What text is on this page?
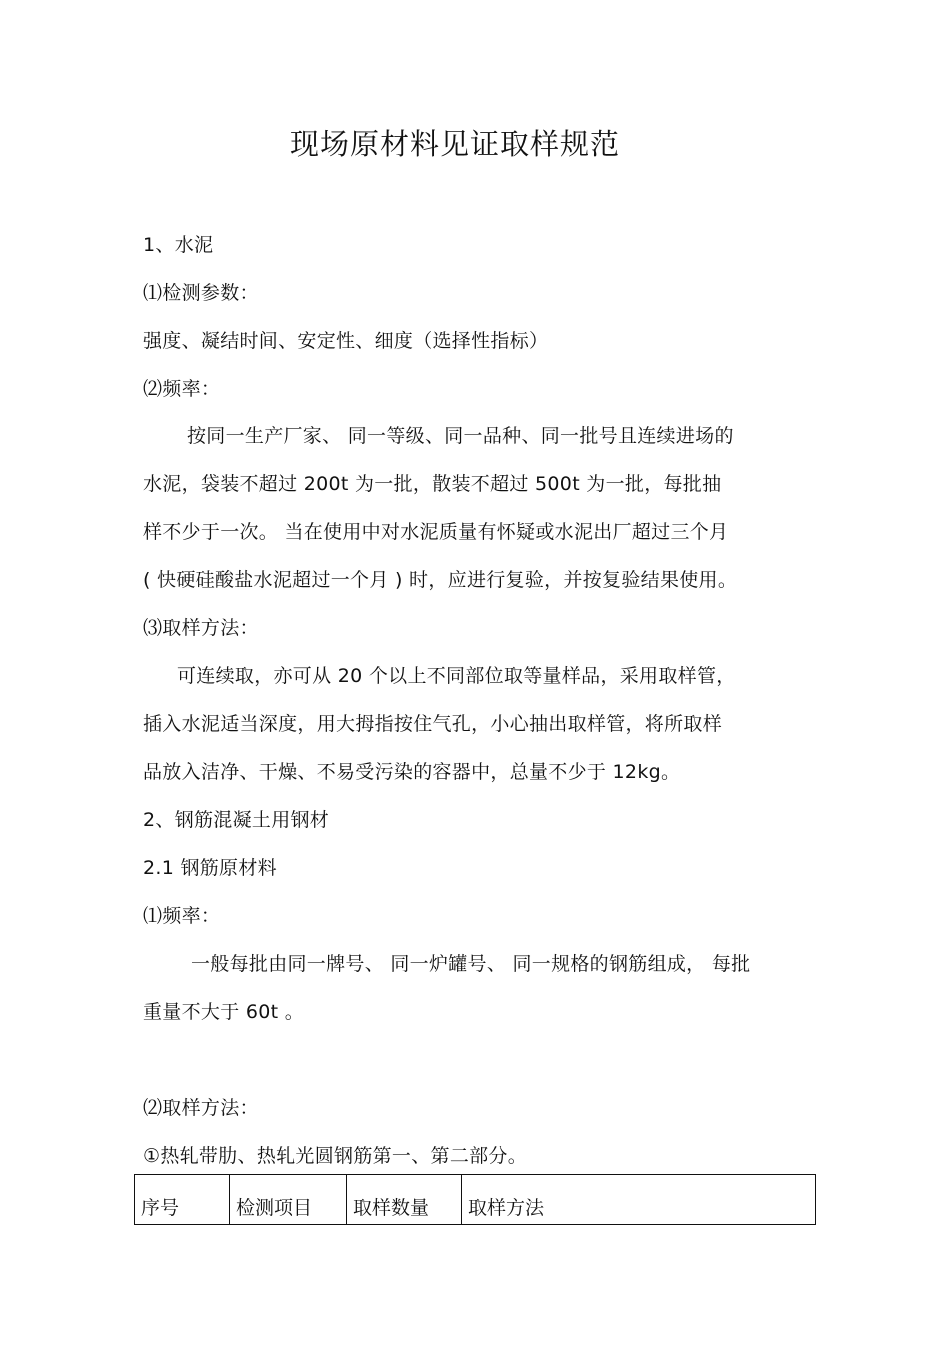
现场原材料见证取样规范
1、水泥
⑴检测参数：
强度、凝结时间、安定性、细度（选择性指标）
⑵频率：
按同一生产厂家、 同一等级、同一品种、同一批号且连续进场的
水泥，袋装不超过 200t 为一批，散装不超过 500t 为一批，每批抽
样不少于一次。 当在使用中对水泥质量有怀疑或水泥出厂超过三个月
( 快硬硅酸盐水泥超过一个月 ) 时，应进行复验，并按复验结果使用。
⑶取样方法：
可连续取，亦可从 20 个以上不同部位取等量样品，采用取样管，
插入水泥适当深度，用大拇指按住气孔，小心抽出取样管，将所取样
品放入洁净、干燥、不易受污染的容器中，总量不少于 12kg。
2、钢筋混凝土用钢材
2.1 钢筋原材料
⑴频率：
一般每批由同一牌号、 同一炉罐号、 同一规格的钢筋组成， 每批
重量不大于 60t 。
⑵取样方法：
①热轧带肋、热轧光圆钢筋第一、第二部分。
序号	检测项目	取样数量	取样方法
